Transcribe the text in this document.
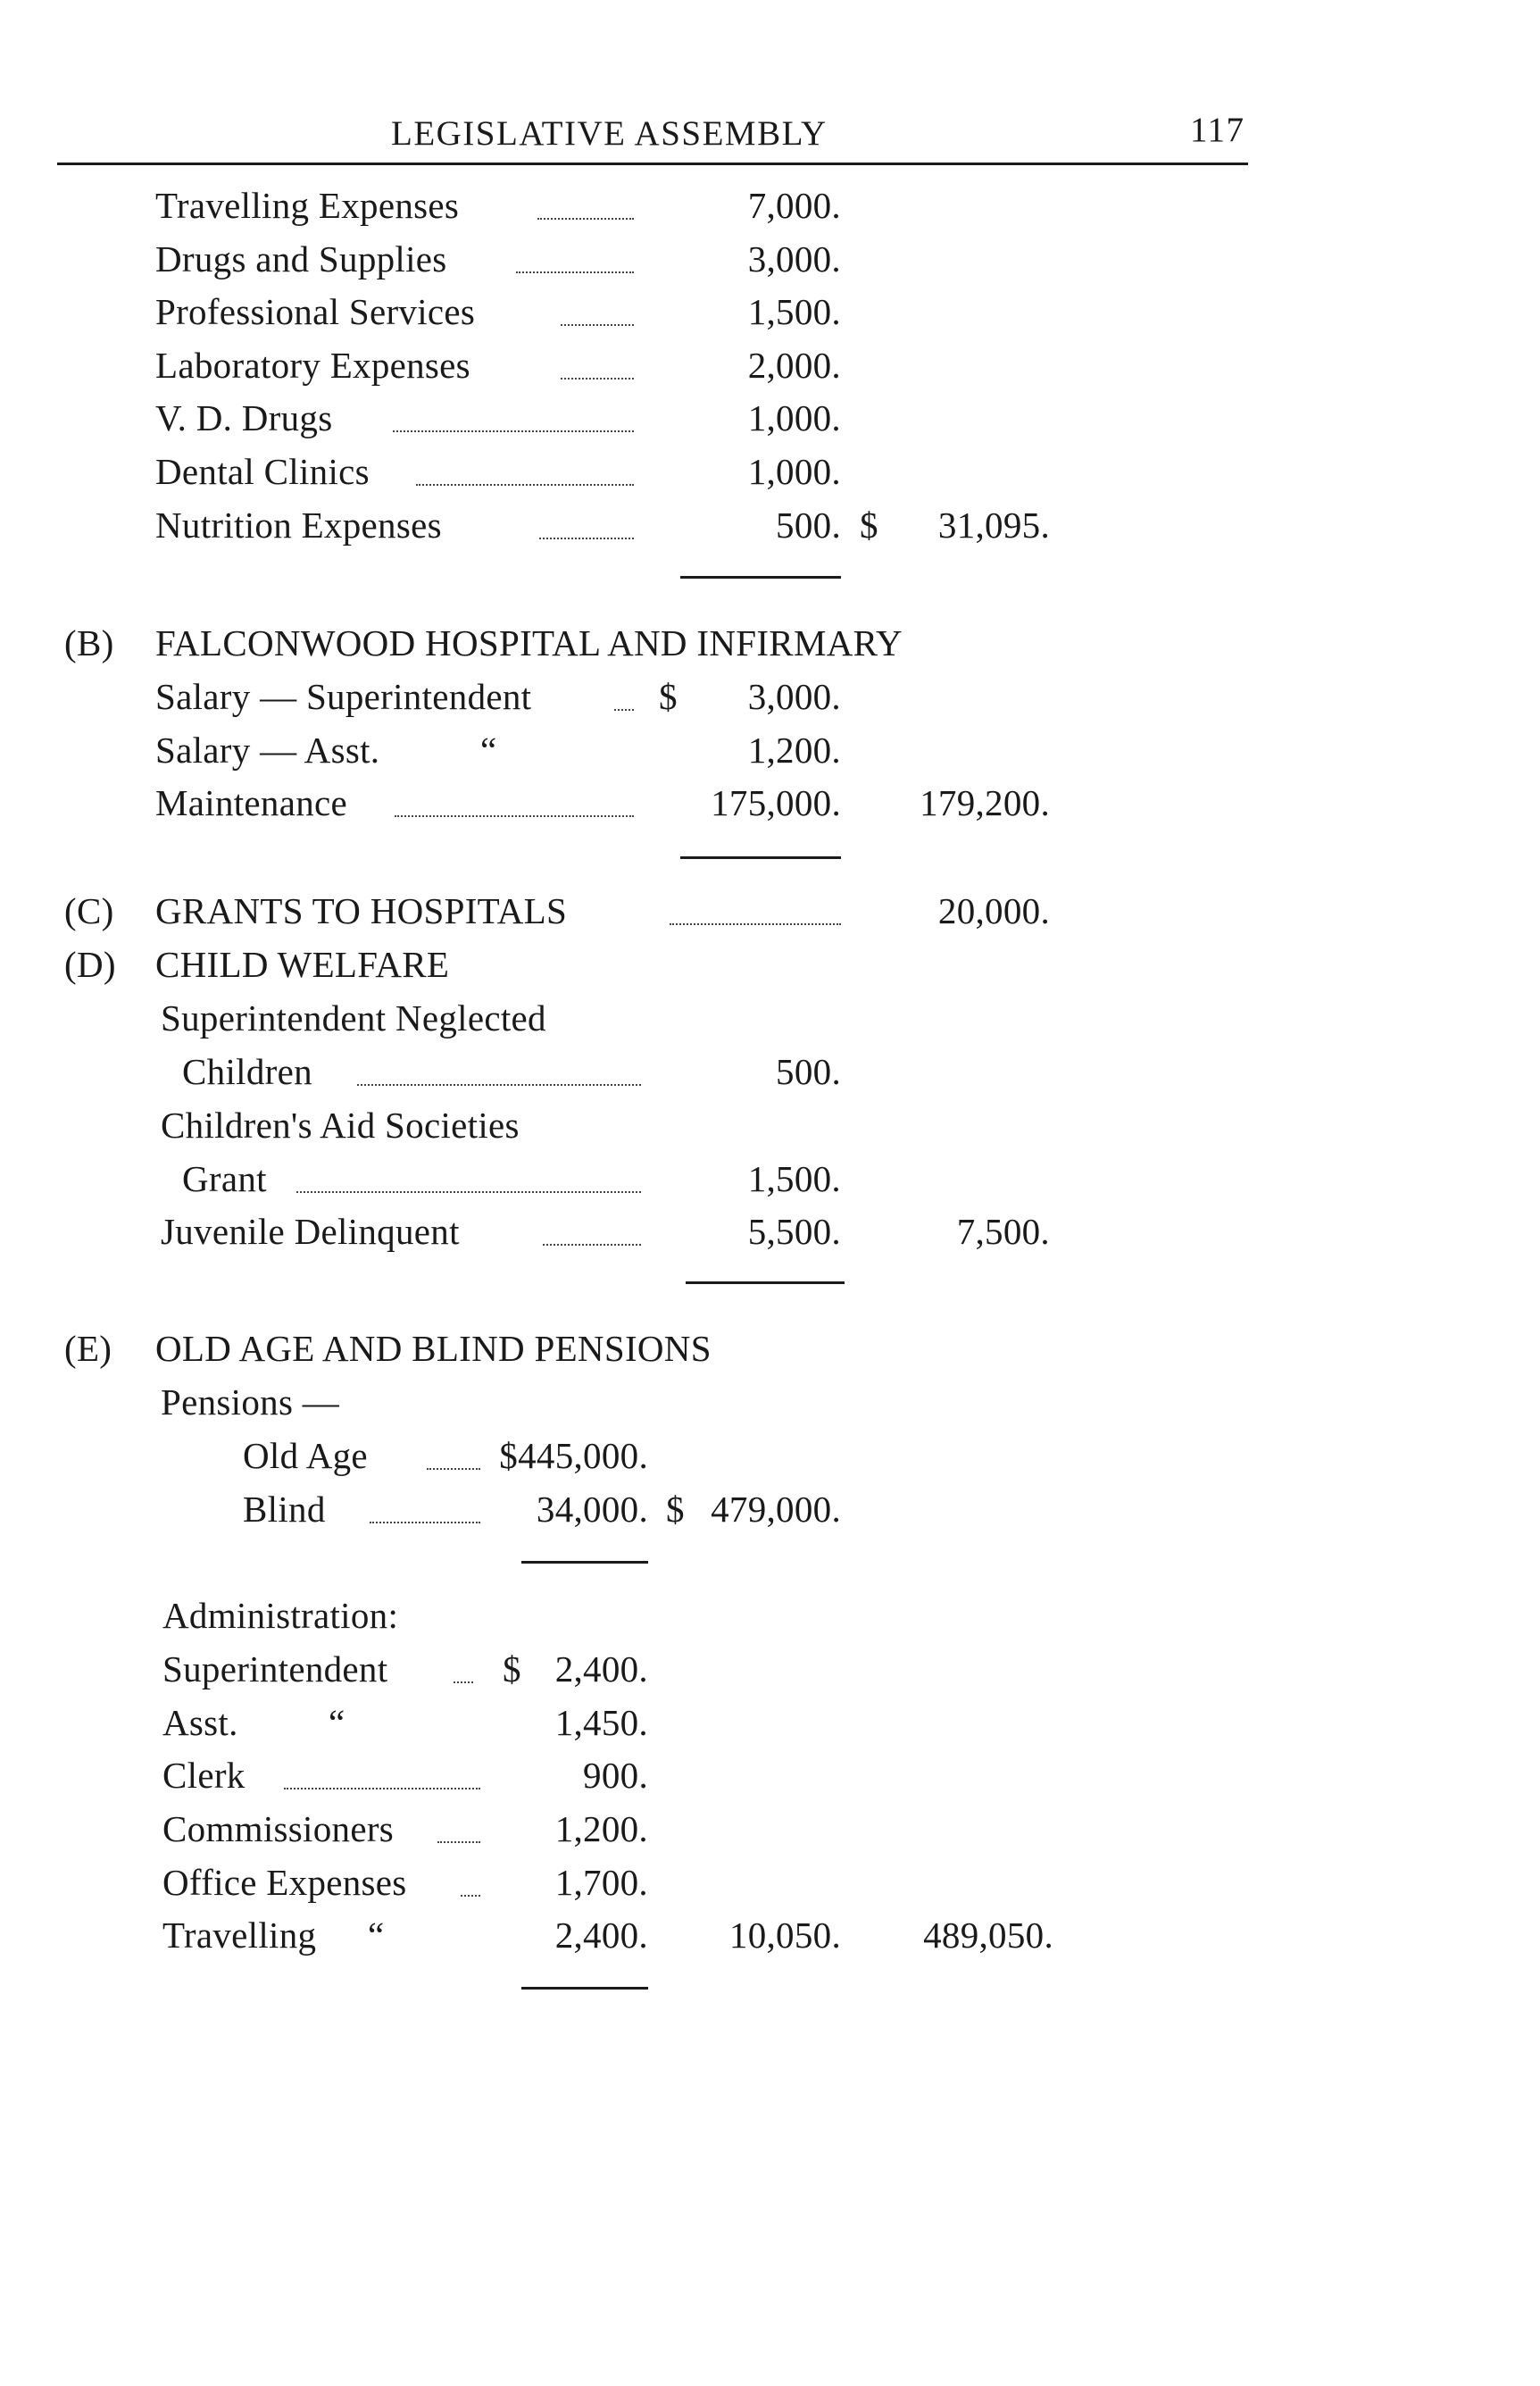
LEGISLATIVE ASSEMBLY	117
Travelling Expenses	7,000.
Drugs and Supplies	3,000.
Professional Services	1,500.
Laboratory Expenses	2,000.
V. D. Drugs	1,000.
Dental Clinics	1,000.
Nutrition Expenses	500. $	31,095.
(B) FALCONWOOD HOSPITAL AND INFIRMARY
Salary — Superintendent	$	3,000.
Salary — Asst.	“	1,200.
Maintenance	175,000.	179,200.
(C) GRANTS TO HOSPITALS	20,000.
(D) CHILD WELFARE
Superintendent Neglected
Children	500.
Children's Aid Societies
Grant	1,500.
Juvenile Delinquent	5,500.	7,500.
(E) OLD AGE AND BLIND PENSIONS
Pensions —
Old Age	$445,000.
Blind	34,000. $ 479,000.
Administration:
Superintendent	$ 2,400.
Asst. “	1,450.
Clerk	900.
Commissioners	1,200.
Office Expenses	1,700.
Travelling “	2,400.	10,050.	489,050.
